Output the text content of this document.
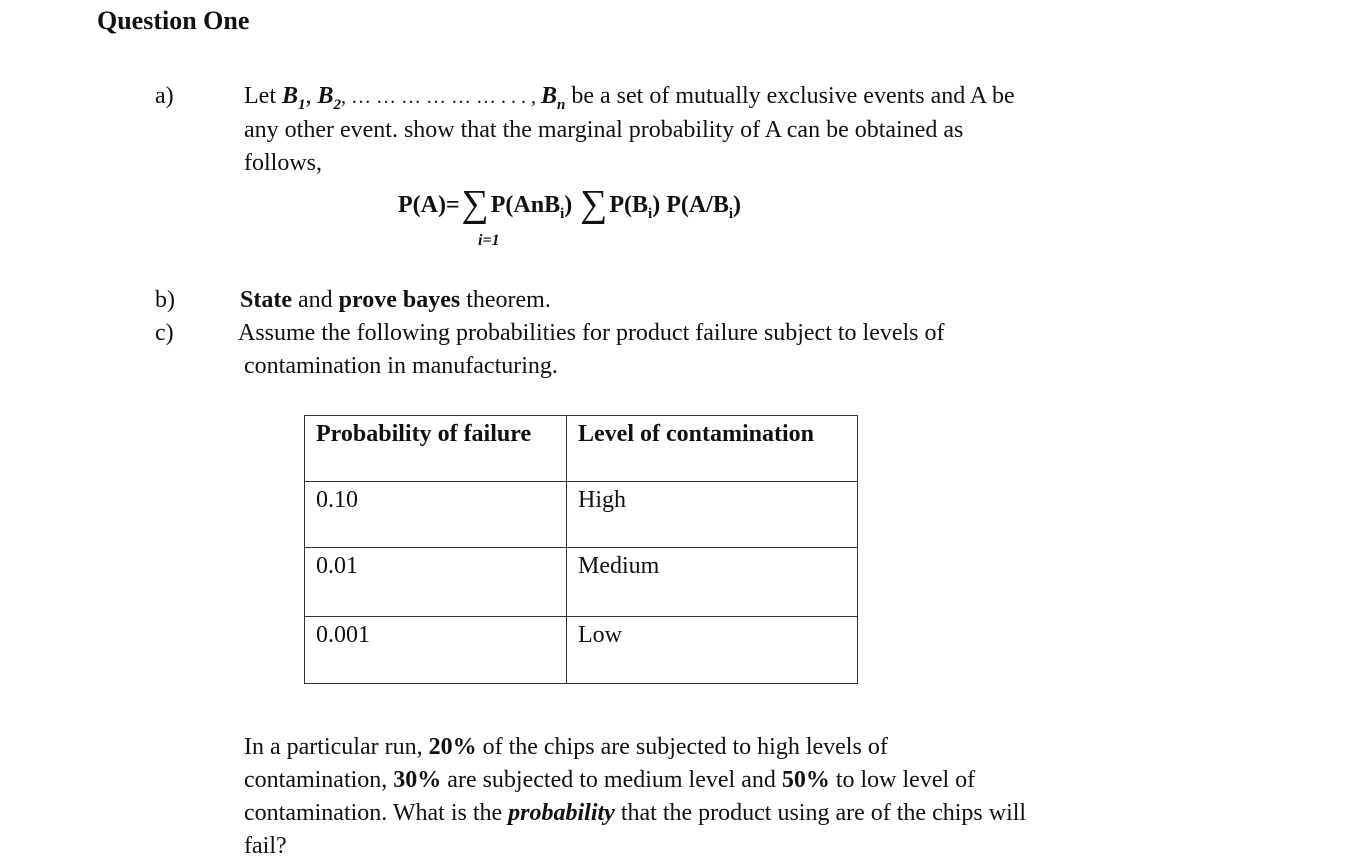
Question One
a)	Let $B_1$, $B_2$, … … … … … … . . . , $B_n$ be a set of mutually exclusive events and A be
any other event. show that the marginal probability of A can be obtained as
follows,
P(A)=∑P(AnB$_i$) $\sum P(B_i)$ $P(A/B_i)$
i=1
b)	State and prove bayes theorem.
c)	Assume the following probabilities for product failure subject to levels of
contamination in manufacturing.
Probability of failure	Level of contamination
0.10	High
0.01	Medium
0.001	Low
In a particular run, 20% of the chips are subjected to high levels of
contamination, 30% are subjected to medium level and 50% to low level of
contamination. What is the probability that the product using are of the chips will
fail?
